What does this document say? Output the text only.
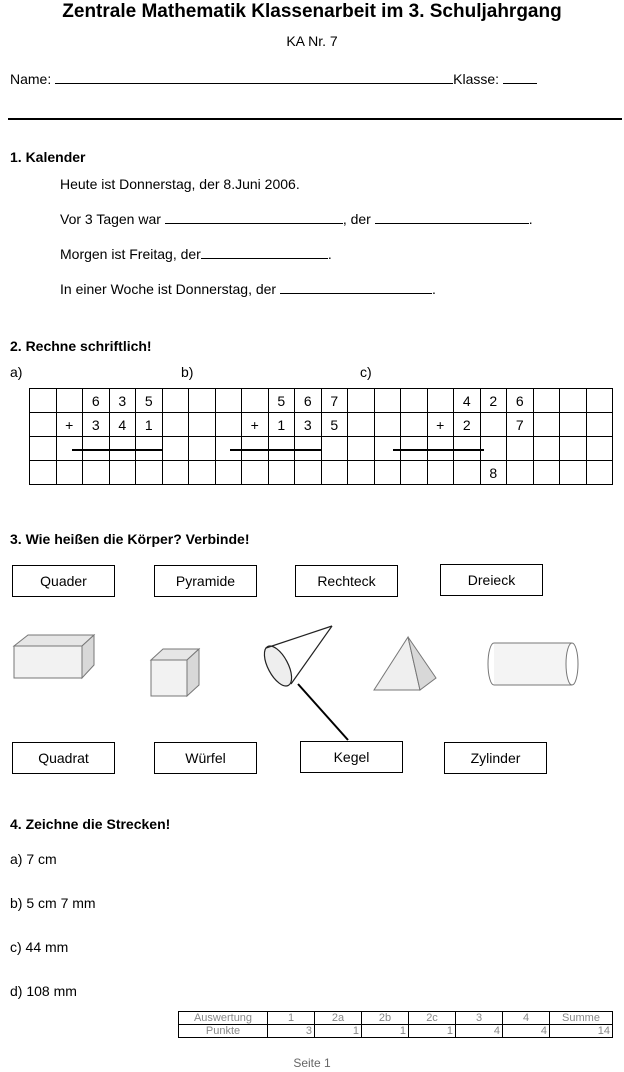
Zentrale Mathematik Klassenarbeit im 3. Schuljahrgang
KA Nr. 7
Name:	Klasse:
1. Kalender
Heute ist Donnerstag, der 8.Juni 2006.
Vor 3 Tagen war	, der	.
Morgen ist Freitag, der	.
In einer Woche ist Donnerstag, der	.
2. Rechne schriftlich!
a)	b)	c)
		6	3	5					5	6	7					4	2	6			
	+	3	4	1				+	1	3	5				+	2		7			

																	8				
3. Wie heißen die Körper? Verbinde!
Quader	Pyramide	Rechteck	Dreieck
Quadrat	Würfel	Kegel	Zylinder
4. Zeichne die Strecken!
a) 7 cm
b) 5 cm 7 mm
c) 44 mm
d) 108 mm
Auswertung	1	2a	2b	2c	3	4	Summe
Punkte	3	1	1	1	4	4	14
Seite 1
